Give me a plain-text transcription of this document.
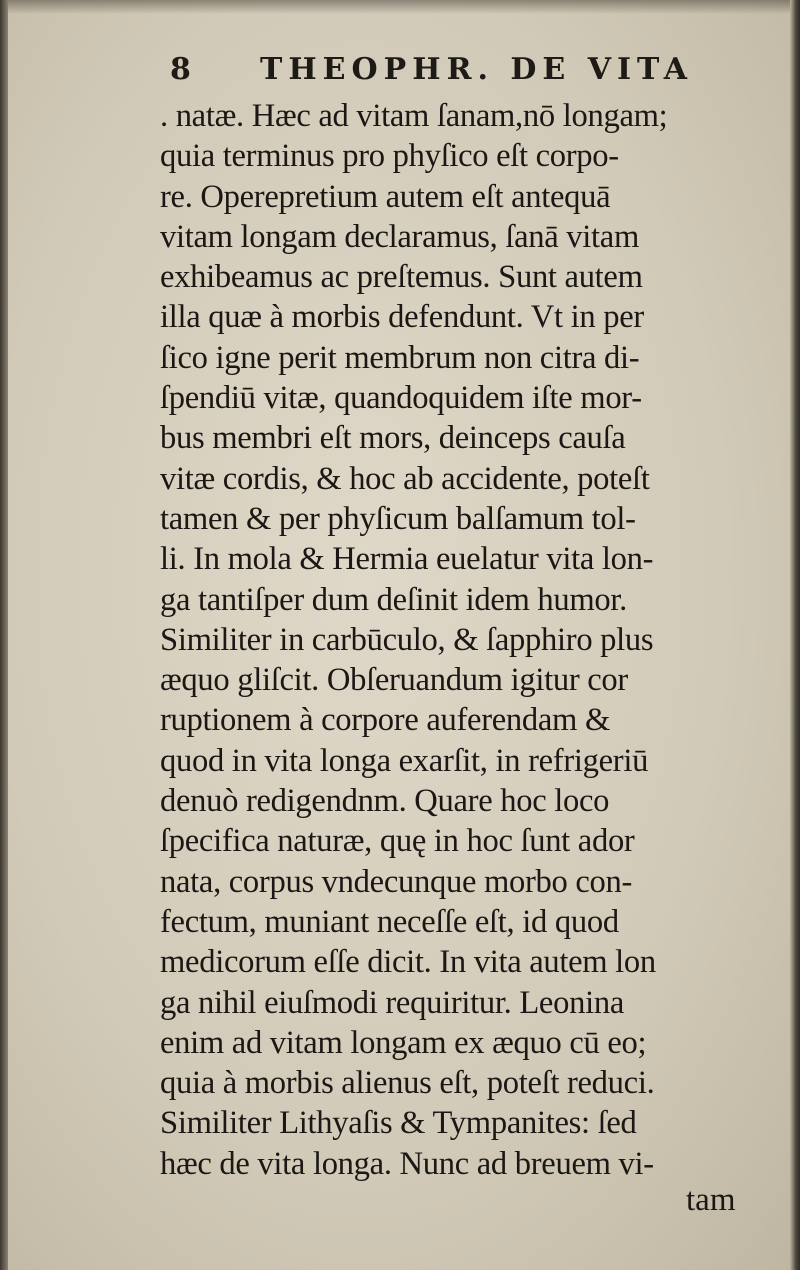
8 THEOPHR. DE VITA
. natæ. Hæc ad vitam ſanam,nō longam;
quia terminus pro phyſico eſt corpo-
re. Operepretium autem eſt antequā
vitam longam declaramus, ſanā vitam
exhibeamus ac preſtemus. Sunt autem
illa quæ à morbis defendunt. Vt in per
ſico igne perit membrum non citra di-
ſpendiū vitæ, quandoquidem iſte mor-
bus membri eſt mors, deinceps cauſa
vitæ cordis, & hoc ab accidente, poteſt
tamen & per phyſicum balſamum tol-
li. In mola & Hermia euelatur vita lon-
ga tantiſper dum deſinit idem humor.
Similiter in carbūculo, & ſapphiro plus
æquo gliſcit. Obſeruandum igitur cor
ruptionem à corpore auferendam &
quod in vita longa exarſit, in refrigeriū
denuò redigendnm. Quare hoc loco
ſpecifica naturæ, quę in hoc ſunt ador
nata, corpus vndecunque morbo con-
fectum, muniant neceſſe eſt, id quod
medicorum eſſe dicit. In vita autem lon
ga nihil eiuſmodi requiritur. Leonina
enim ad vitam longam ex æquo cū eo;
quia à morbis alienus eſt, poteſt reduci.
Similiter Lithyaſis & Tympanites: ſed
hæc de vita longa. Nunc ad breuem vi-
tam
